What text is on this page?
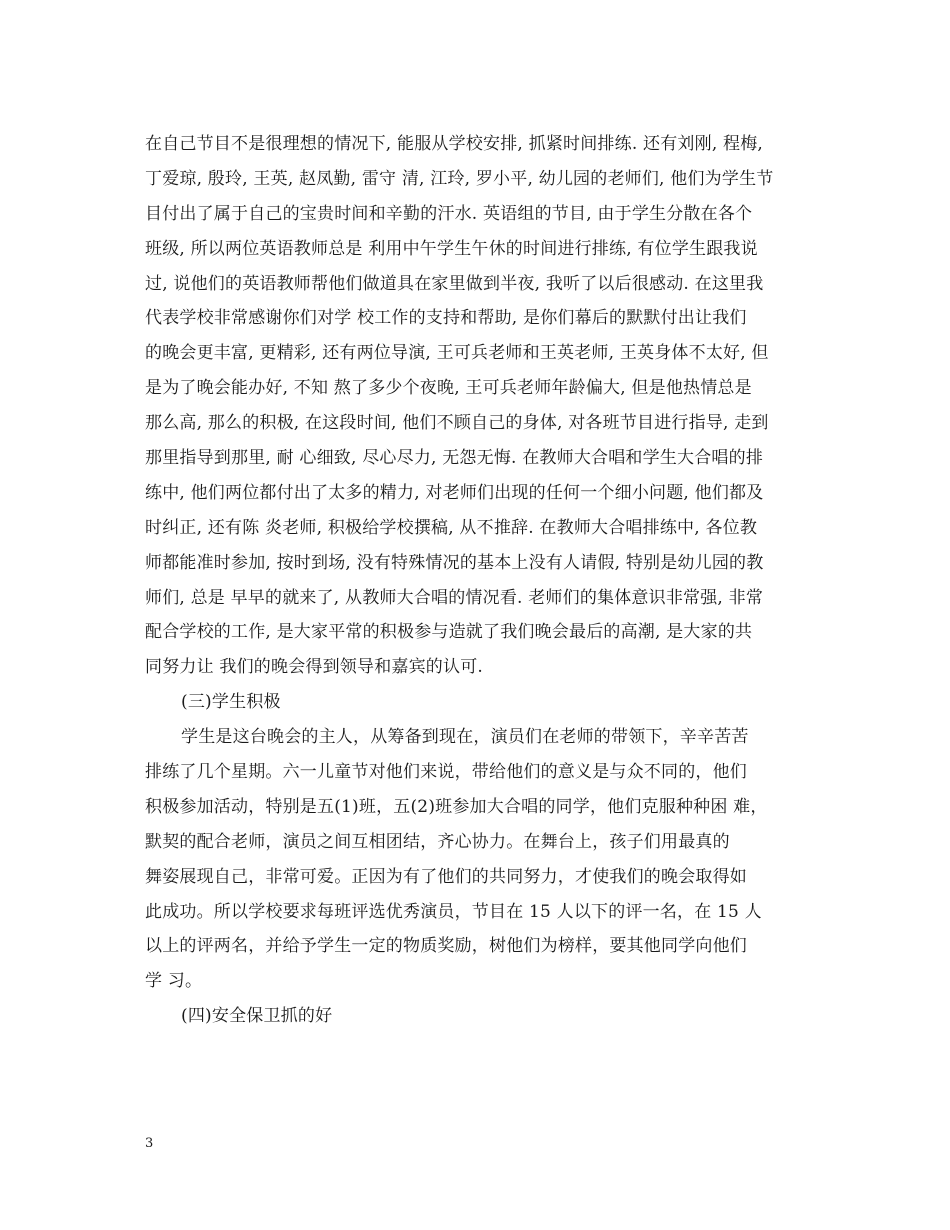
在自己节目不是很理想的情况下, 能服从学校安排, 抓紧时间排练. 还有刘刚, 程梅,
丁爱琼, 殷玲, 王英, 赵凤勤, 雷守 清, 江玲, 罗小平, 幼儿园的老师们, 他们为学生节
目付出了属于自己的宝贵时间和辛勤的汗水. 英语组的节目, 由于学生分散在各个
班级, 所以两位英语教师总是 利用中午学生午休的时间进行排练, 有位学生跟我说
过, 说他们的英语教师帮他们做道具在家里做到半夜, 我听了以后很感动. 在这里我
代表学校非常感谢你们对学 校工作的支持和帮助, 是你们幕后的默默付出让我们
的晚会更丰富, 更精彩, 还有两位导演, 王可兵老师和王英老师, 王英身体不太好, 但
是为了晚会能办好, 不知 熬了多少个夜晚, 王可兵老师年龄偏大, 但是他热情总是
那么高, 那么的积极, 在这段时间, 他们不顾自己的身体, 对各班节目进行指导, 走到
那里指导到那里, 耐 心细致, 尽心尽力, 无怨无悔. 在教师大合唱和学生大合唱的排
练中, 他们两位都付出了太多的精力, 对老师们出现的任何一个细小问题, 他们都及
时纠正, 还有陈 炎老师, 积极给学校撰稿, 从不推辞. 在教师大合唱排练中, 各位教
师都能准时参加, 按时到场, 没有特殊情况的基本上没有人请假, 特别是幼儿园的教
师们, 总是 早早的就来了, 从教师大合唱的情况看. 老师们的集体意识非常强, 非常
配合学校的工作, 是大家平常的积极参与造就了我们晚会最后的高潮, 是大家的共
同努力让 我们的晚会得到领导和嘉宾的认可.
(三)学生积极
学生是这台晚会的主人，从筹备到现在，演员们在老师的带领下，辛辛苦苦
排练了几个星期。六一儿童节对他们来说，带给他们的意义是与众不同的，他们
积极参加活动，特别是五(1)班，五(2)班参加大合唱的同学，他们克服种种困 难，
默契的配合老师，演员之间互相团结，齐心协力。在舞台上，孩子们用最真的
舞姿展现自己，非常可爱。正因为有了他们的共同努力，才使我们的晚会取得如
此成功。所以学校要求每班评选优秀演员，节目在 15 人以下的评一名，在 15 人
以上的评两名，并给予学生一定的物质奖励，树他们为榜样，要其他同学向他们
学 习。
(四)安全保卫抓的好
3
